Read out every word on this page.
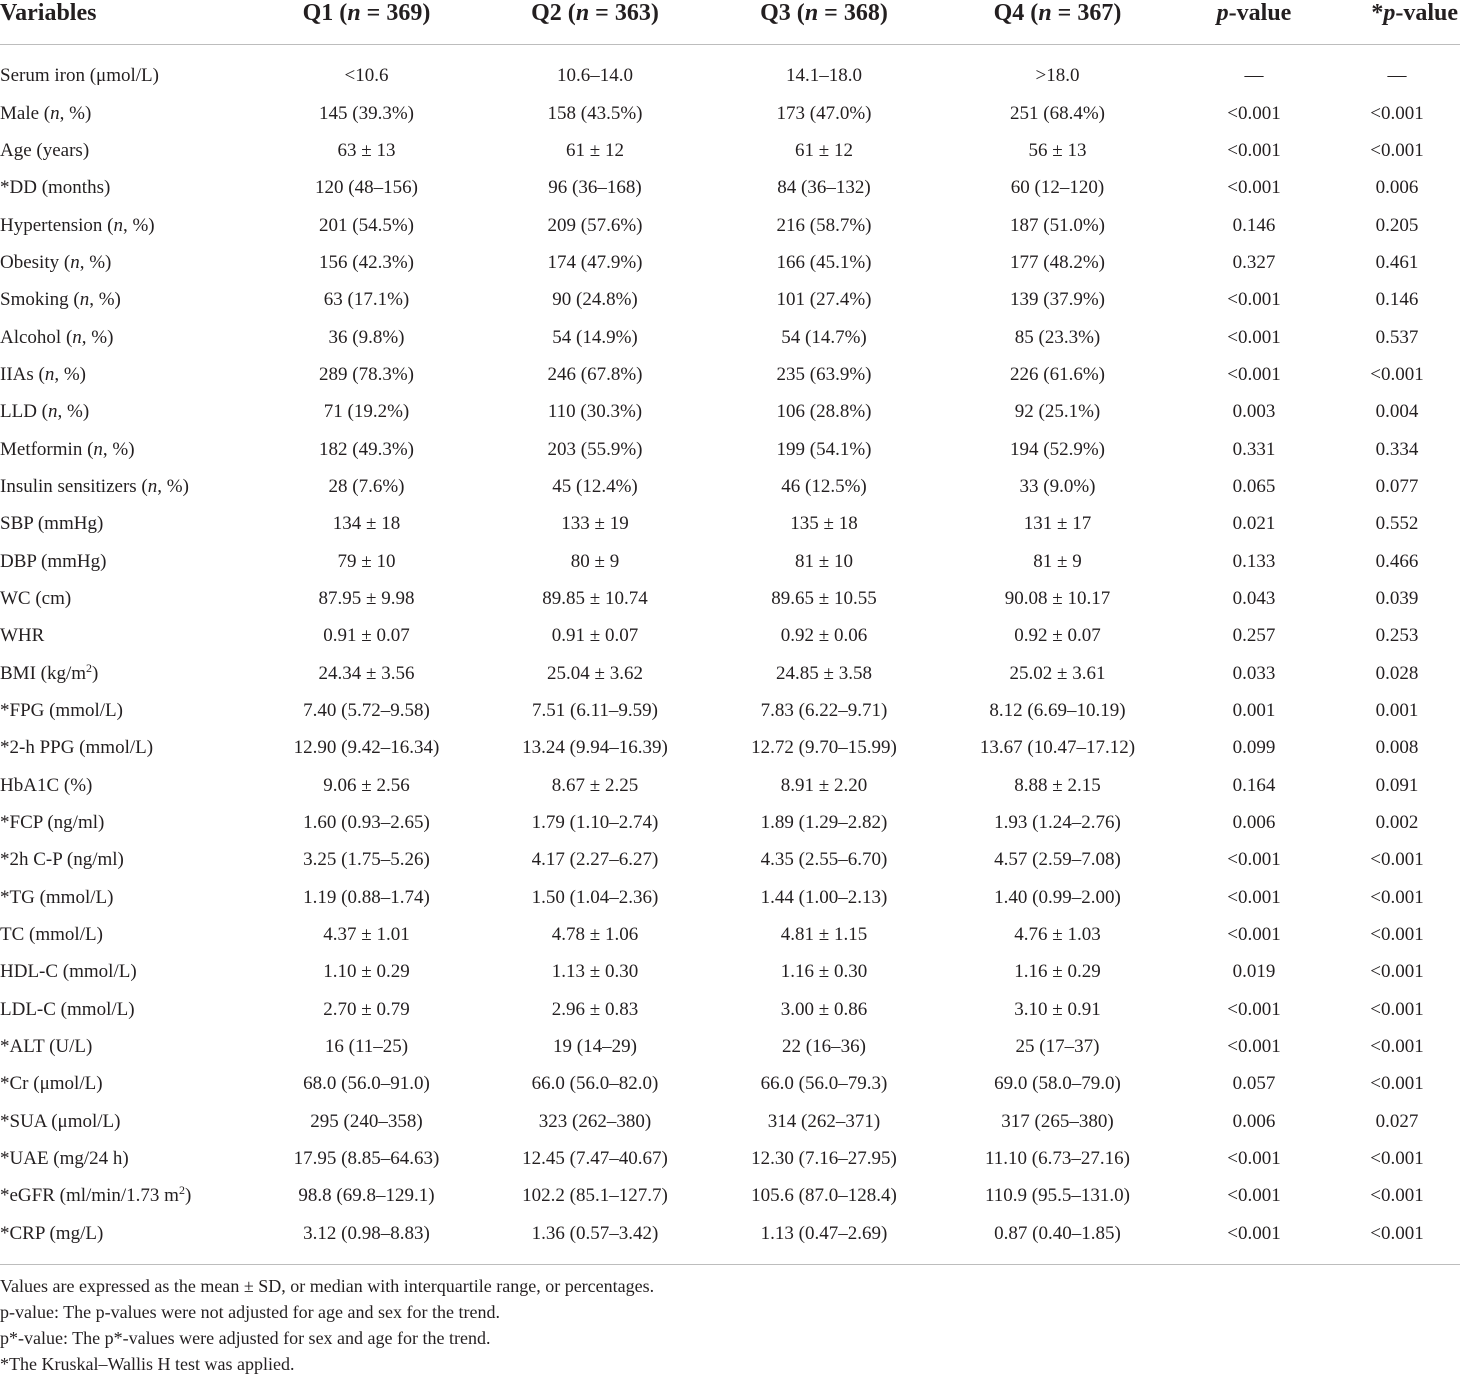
Variables	Q1 (n = 369)	Q2 (n = 363)	Q3 (n = 368)	Q4 (n = 367)	p-value	*p-value

Serum iron (μmol/L)	<10.6	10.6–14.0	14.1–18.0	>18.0	—	—
Male (n, %)	145 (39.3%)	158 (43.5%)	173 (47.0%)	251 (68.4%)	<0.001	<0.001
Age (years)	63 ± 13	61 ± 12	61 ± 12	56 ± 13	<0.001	<0.001
*DD (months)	120 (48–156)	96 (36–168)	84 (36–132)	60 (12–120)	<0.001	0.006
Hypertension (n, %)	201 (54.5%)	209 (57.6%)	216 (58.7%)	187 (51.0%)	0.146	0.205
Obesity (n, %)	156 (42.3%)	174 (47.9%)	166 (45.1%)	177 (48.2%)	0.327	0.461
Smoking (n, %)	63 (17.1%)	90 (24.8%)	101 (27.4%)	139 (37.9%)	<0.001	0.146
Alcohol (n, %)	36 (9.8%)	54 (14.9%)	54 (14.7%)	85 (23.3%)	<0.001	0.537
IIAs (n, %)	289 (78.3%)	246 (67.8%)	235 (63.9%)	226 (61.6%)	<0.001	<0.001
LLD (n, %)	71 (19.2%)	110 (30.3%)	106 (28.8%)	92 (25.1%)	0.003	0.004
Metformin (n, %)	182 (49.3%)	203 (55.9%)	199 (54.1%)	194 (52.9%)	0.331	0.334
Insulin sensitizers (n, %)	28 (7.6%)	45 (12.4%)	46 (12.5%)	33 (9.0%)	0.065	0.077
SBP (mmHg)	134 ± 18	133 ± 19	135 ± 18	131 ± 17	0.021	0.552
DBP (mmHg)	79 ± 10	80 ± 9	81 ± 10	81 ± 9	0.133	0.466
WC (cm)	87.95 ± 9.98	89.85 ± 10.74	89.65 ± 10.55	90.08 ± 10.17	0.043	0.039
WHR	0.91 ± 0.07	0.91 ± 0.07	0.92 ± 0.06	0.92 ± 0.07	0.257	0.253
BMI $(kg/m^2)$	24.34 ± 3.56	25.04 ± 3.62	24.85 ± 3.58	25.02 ± 3.61	0.033	0.028
*FPG (mmol/L)	7.40 (5.72–9.58)	7.51 (6.11–9.59)	7.83 (6.22–9.71)	8.12 (6.69–10.19)	0.001	0.001
*2-h PPG (mmol/L)	12.90 (9.42–16.34)	13.24 (9.94–16.39)	12.72 (9.70–15.99)	13.67 (10.47–17.12)	0.099	0.008
HbA1C (%)	9.06 ± 2.56	8.67 ± 2.25	8.91 ± 2.20	8.88 ± 2.15	0.164	0.091
*FCP (ng/ml)	1.60 (0.93–2.65)	1.79 (1.10–2.74)	1.89 (1.29–2.82)	1.93 (1.24–2.76)	0.006	0.002
*2h C-P (ng/ml)	3.25 (1.75–5.26)	4.17 (2.27–6.27)	4.35 (2.55–6.70)	4.57 (2.59–7.08)	<0.001	<0.001
*TG (mmol/L)	1.19 (0.88–1.74)	1.50 (1.04–2.36)	1.44 (1.00–2.13)	1.40 (0.99–2.00)	<0.001	<0.001
TC (mmol/L)	4.37 ± 1.01	4.78 ± 1.06	4.81 ± 1.15	4.76 ± 1.03	<0.001	<0.001
HDL-C (mmol/L)	1.10 ± 0.29	1.13 ± 0.30	1.16 ± 0.30	1.16 ± 0.29	0.019	<0.001
LDL-C (mmol/L)	2.70 ± 0.79	2.96 ± 0.83	3.00 ± 0.86	3.10 ± 0.91	<0.001	<0.001
*ALT (U/L)	16 (11–25)	19 (14–29)	22 (16–36)	25 (17–37)	<0.001	<0.001
*Cr (μmol/L)	68.0 (56.0–91.0)	66.0 (56.0–82.0)	66.0 (56.0–79.3)	69.0 (58.0–79.0)	0.057	<0.001
*SUA (μmol/L)	295 (240–358)	323 (262–380)	314 (262–371)	317 (265–380)	0.006	0.027
*UAE (mg/24 h)	17.95 (8.85–64.63)	12.45 (7.47–40.67)	12.30 (7.16–27.95)	11.10 (6.73–27.16)	<0.001	<0.001
*eGFR (ml/min/1.73 $m^2$)	98.8 (69.8–129.1)	102.2 (85.1–127.7)	105.6 (87.0–128.4)	110.9 (95.5–131.0)	<0.001	<0.001
*CRP (mg/L)	3.12 (0.98–8.83)	1.36 (0.57–3.42)	1.13 (0.47–2.69)	0.87 (0.40–1.85)	<0.001	<0.001

Values are expressed as the mean ± SD, or median with interquartile range, or percentages.
p-value: The p-values were not adjusted for age and sex for the trend.
p*-value: The p*-values were adjusted for sex and age for the trend.
*The Kruskal–Wallis H test was applied.
